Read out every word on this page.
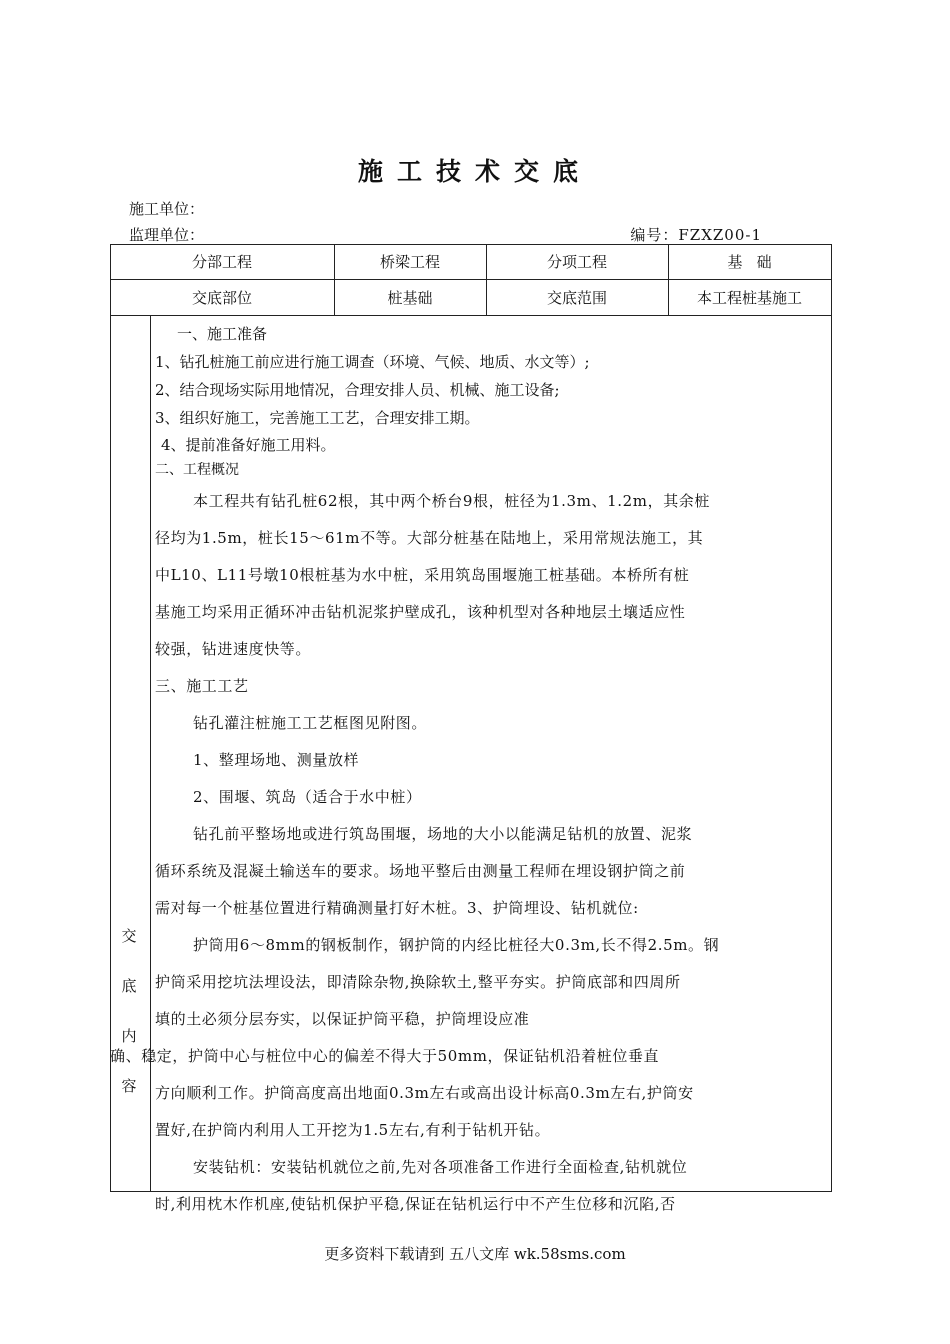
施工技术交底
施工单位：
监理单位：	编号：FZXZ00-1
分部工程	桥梁工程	分项工程	基   础
交底部位	桩基础	交底范围	本工程桩基施工
交
底
内
容

一、施工准备

1、钻孔桩施工前应进行施工调查（环境、气候、地质、水文等）;

2、结合现场实际用地情况，合理安排人员、机械、施工设备;

3、组织好施工，完善施工工艺，合理安排工期。

4、提前准备好施工用料。

二、工程概况

本工程共有钻孔桩62根，其中两个桥台9根，桩径为1.3m、1.2m，其余桩

径均为1.5m，桩长15～61m不等。大部分桩基在陆地上，采用常规法施工，其

中L10、L11号墩10根桩基为水中桩，采用筑岛围堰施工桩基础。本桥所有桩

基施工均采用正循环冲击钻机泥浆护壁成孔，该种机型对各种地层土壤适应性

较强，钻进速度快等。

三、施工工艺

钻孔灌注桩施工工艺框图见附图。

1、整理场地、测量放样

2、围堰、筑岛（适合于水中桩）

钻孔前平整场地或进行筑岛围堰，场地的大小以能满足钻机的放置、泥浆

循环系统及混凝土输送车的要求。场地平整后由测量工程师在埋设钢护筒之前

需对每一个桩基位置进行精确测量打好木桩。3、护筒埋设、钻机就位:

护筒用6～8mm的钢板制作，钢护筒的内经比桩径大0.3m,长不得2.5m。钢

护筒采用挖坑法埋设法，即清除杂物,换除软土,整平夯实。护筒底部和四周所

填的土必须分层夯实，以保证护筒平稳，护筒埋设应准

确、稳定，护筒中心与桩位中心的偏差不得大于50mm，保证钻机沿着桩位垂直

方向顺利工作。护筒高度高出地面0.3m左右或高出设计标高0.3m左右,护筒安

置好,在护筒内利用人工开挖为1.5左右,有利于钻机开钻。

安装钻机：安装钻机就位之前,先对各项准备工作进行全面检查,钻机就位

时,利用枕木作机座,使钻机保护平稳,保证在钻机运行中不产生位移和沉陷,否

更多资料下载请到 五八文库 wk.58sms.com
